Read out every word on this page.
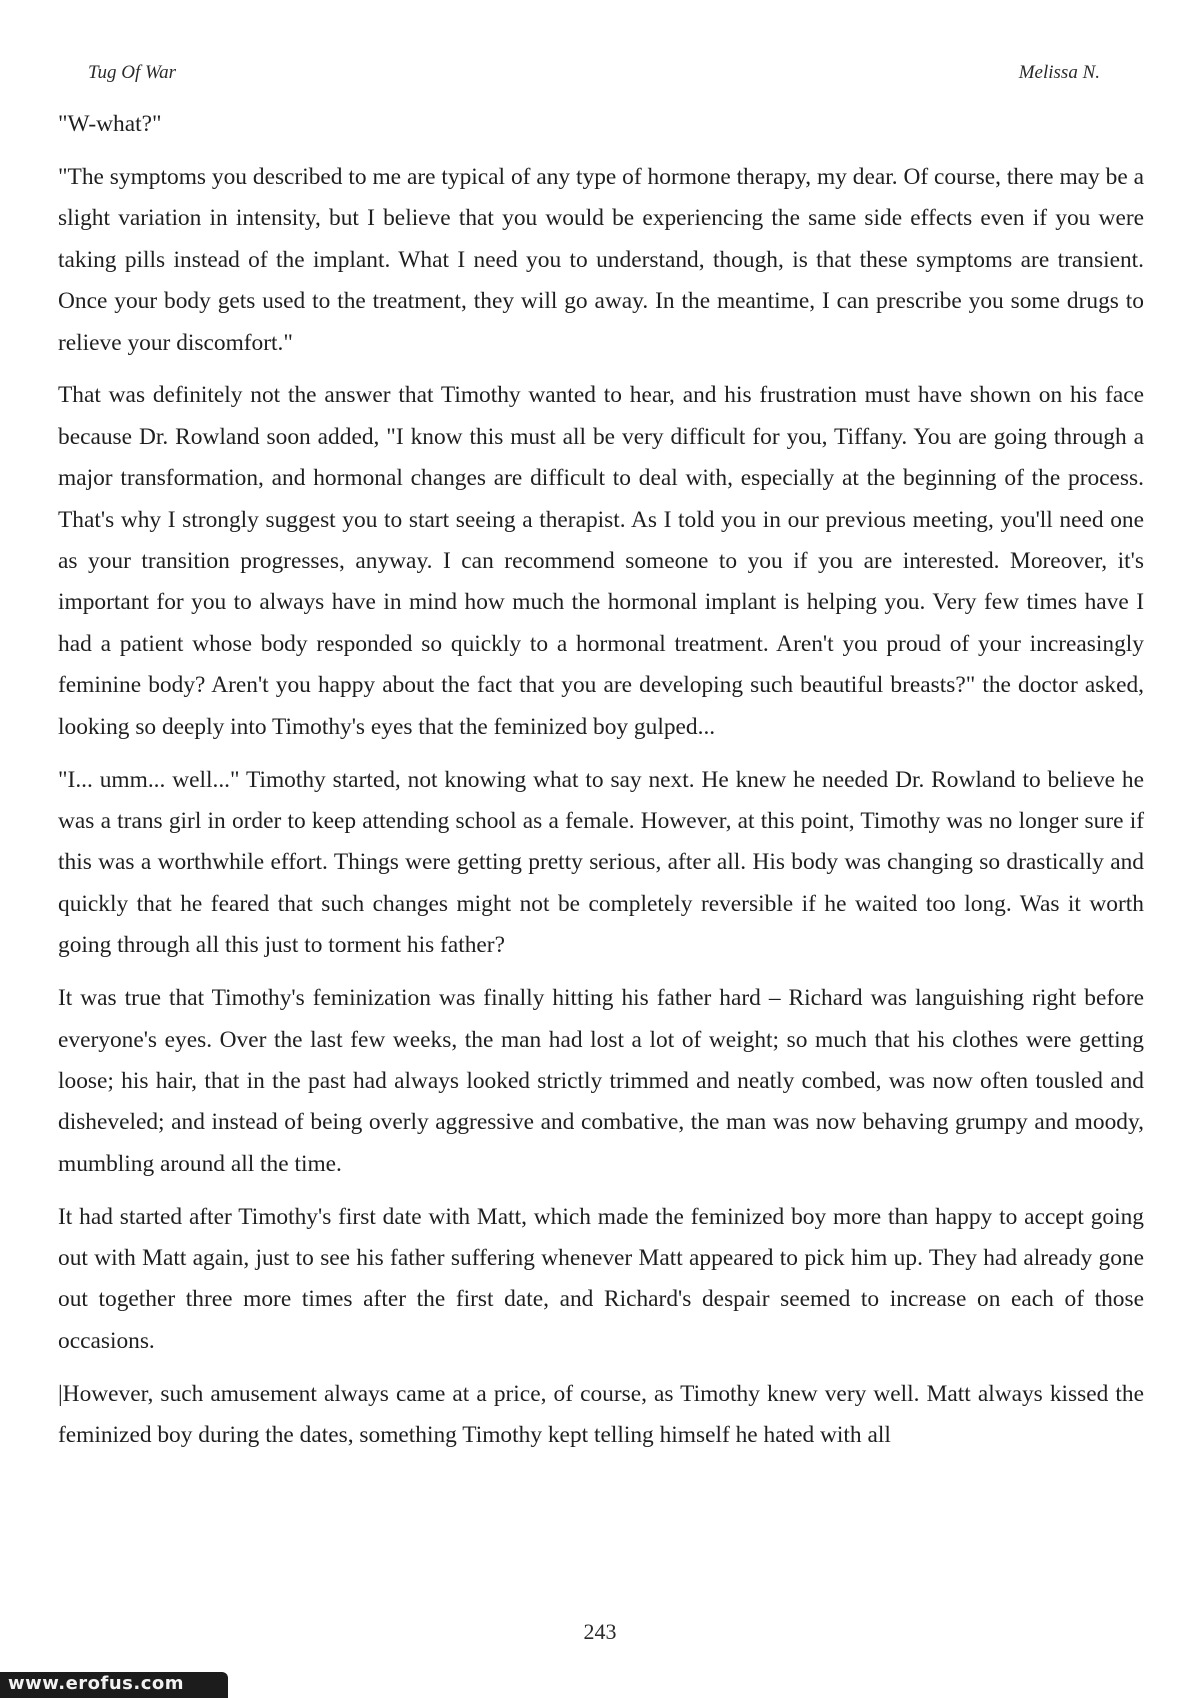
Tug Of War	Melissa N.

"W-what?"

"The symptoms you described to me are typical of any type of hormone therapy, my dear. Of course, there may be a slight variation in intensity, but I believe that you would be experiencing the same side effects even if you were taking pills instead of the implant. What I need you to understand, though, is that these symptoms are transient. Once your body gets used to the treatment, they will go away. In the meantime, I can prescribe you some drugs to relieve your discomfort."

That was definitely not the answer that Timothy wanted to hear, and his frustration must have shown on his face because Dr. Rowland soon added, "I know this must all be very difficult for you, Tiffany. You are going through a major transformation, and hormonal changes are difficult to deal with, especially at the beginning of the process. That's why I strongly suggest you to start seeing a therapist. As I told you in our previous meeting, you'll need one as your transition progresses, anyway. I can recommend someone to you if you are interested. Moreover, it's important for you to always have in mind how much the hormonal implant is helping you. Very few times have I had a patient whose body responded so quickly to a hormonal treatment. Aren't you proud of your increasingly feminine body? Aren't you happy about the fact that you are developing such beautiful breasts?" the doctor asked, looking so deeply into Timothy's eyes that the feminized boy gulped...

"I... umm... well..." Timothy started, not knowing what to say next. He knew he needed Dr. Rowland to believe he was a trans girl in order to keep attending school as a female. However, at this point, Timothy was no longer sure if this was a worthwhile effort. Things were getting pretty serious, after all. His body was changing so drastically and quickly that he feared that such changes might not be completely reversible if he waited too long. Was it worth going through all this just to torment his father?

It was true that Timothy's feminization was finally hitting his father hard – Richard was languishing right before everyone's eyes. Over the last few weeks, the man had lost a lot of weight; so much that his clothes were getting loose; his hair, that in the past had always looked strictly trimmed and neatly combed, was now often tousled and disheveled; and instead of being overly aggressive and combative, the man was now behaving grumpy and moody, mumbling around all the time.

It had started after Timothy's first date with Matt, which made the feminized boy more than happy to accept going out with Matt again, just to see his father suffering whenever Matt appeared to pick him up. They had already gone out together three more times after the first date, and Richard's despair seemed to increase on each of those occasions.

|However, such amusement always came at a price, of course, as Timothy knew very well. Matt always kissed the feminized boy during the dates, something Timothy kept telling himself he hated with all

243
www.erofus.com
